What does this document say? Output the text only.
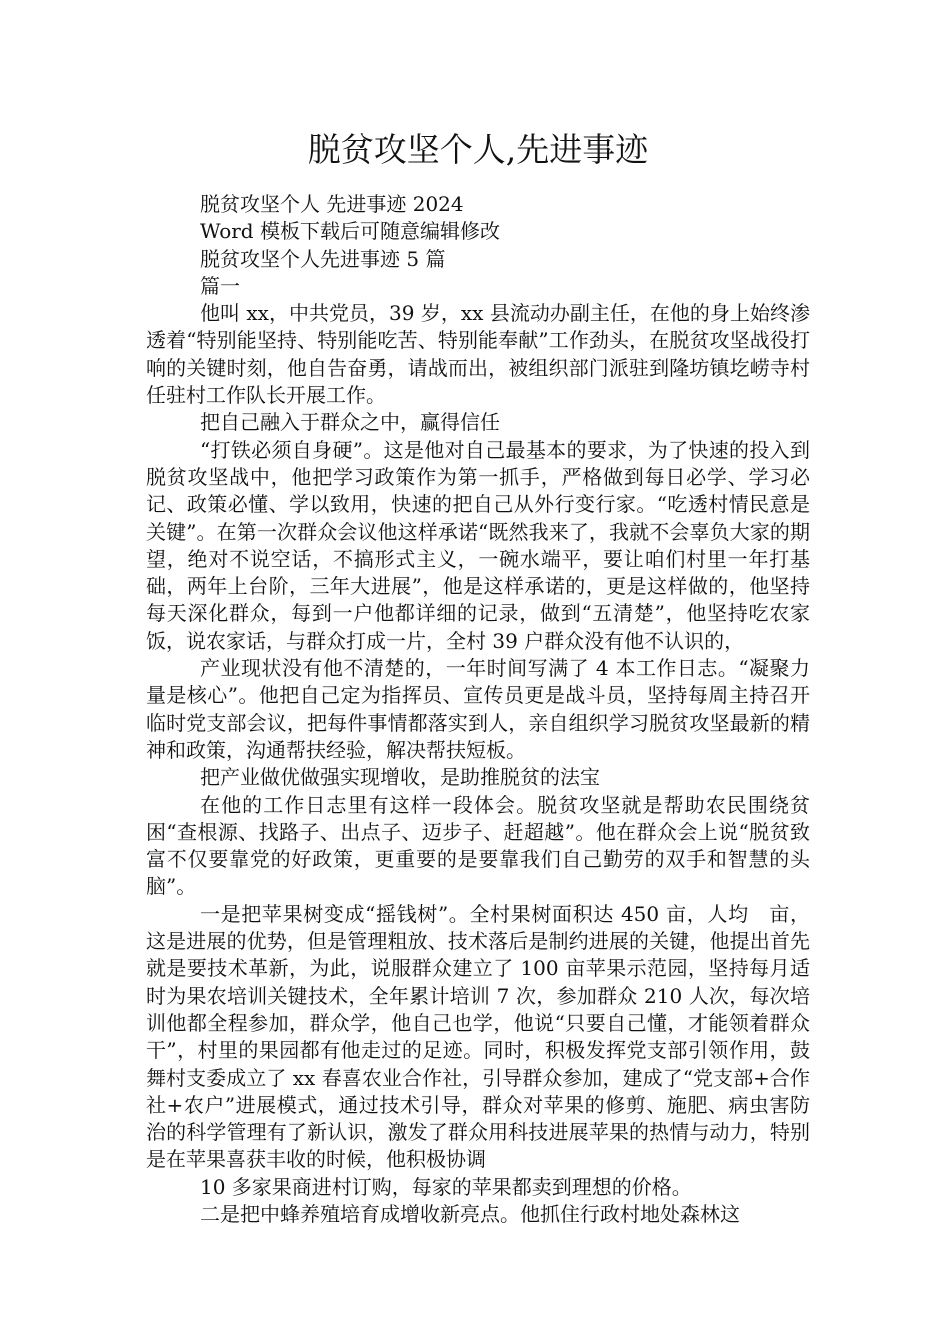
脱贫攻坚个人,先进事迹

脱贫攻坚个人 先进事迹 2024

Word 模板下载后可随意编辑修改

脱贫攻坚个人先进事迹 5 篇

篇一

他叫 xx，中共党员，39 岁，xx 县流动办副主任，在他的身上始终渗透着“特别能坚持、特别能吃苦、特别能奉献”工作劲头，在脱贫攻坚战役打响的关键时刻，他自告奋勇，请战而出，被组织部门派驻到隆坊镇圪崂寺村任驻村工作队长开展工作。

把自己融入于群众之中，赢得信任

“打铁必须自身硬”。这是他对自己最基本的要求，为了快速的投入到脱贫攻坚战中，他把学习政策作为第一抓手，严格做到每日必学、学习必记、政策必懂、学以致用，快速的把自己从外行变行家。“吃透村情民意是关键”。在第一次群众会议他这样承诺“既然我来了，我就不会辜负大家的期望，绝对不说空话，不搞形式主义，一碗水端平，要让咱们村里一年打基础，两年上台阶，三年大进展”，他是这样承诺的，更是这样做的，他坚持每天深化群众，每到一户他都详细的记录，做到“五清楚”，他坚持吃农家饭，说农家话，与群众打成一片，全村 39 户群众没有他不认识的，

产业现状没有他不清楚的，一年时间写满了 4 本工作日志。“凝聚力量是核心”。他把自己定为指挥员、宣传员更是战斗员，坚持每周主持召开临时党支部会议，把每件事情都落实到人，亲自组织学习脱贫攻坚最新的精神和政策，沟通帮扶经验，解决帮扶短板。

把产业做优做强实现增收，是助推脱贫的法宝

在他的工作日志里有这样一段体会。脱贫攻坚就是帮助农民围绕贫困“查根源、找路子、出点子、迈步子、赶超越”。他在群众会上说“脱贫致富不仅要靠党的好政策，更重要的是要靠我们自己勤劳的双手和智慧的头脑”。

一是把苹果树变成“摇钱树”。全村果树面积达 450 亩，人均　亩，这是进展的优势，但是管理粗放、技术落后是制约进展的关键，他提出首先就是要技术革新，为此，说服群众建立了 100 亩苹果示范园，坚持每月适时为果农培训关键技术，全年累计培训 7 次，参加群众 210 人次，每次培训他都全程参加，群众学，他自己也学，他说“只要自己懂，才能领着群众干”，村里的果园都有他走过的足迹。同时，积极发挥党支部引领作用，鼓舞村支委成立了 xx 春喜农业合作社，引导群众参加，建成了“党支部+合作社+农户”进展模式，通过技术引导，群众对苹果的修剪、施肥、病虫害防治的科学管理有了新认识，激发了群众用科技进展苹果的热情与动力，特别是在苹果喜获丰收的时候，他积极协调

10 多家果商进村订购，每家的苹果都卖到理想的价格。

二是把中蜂养殖培育成增收新亮点。他抓住行政村地处森林这
